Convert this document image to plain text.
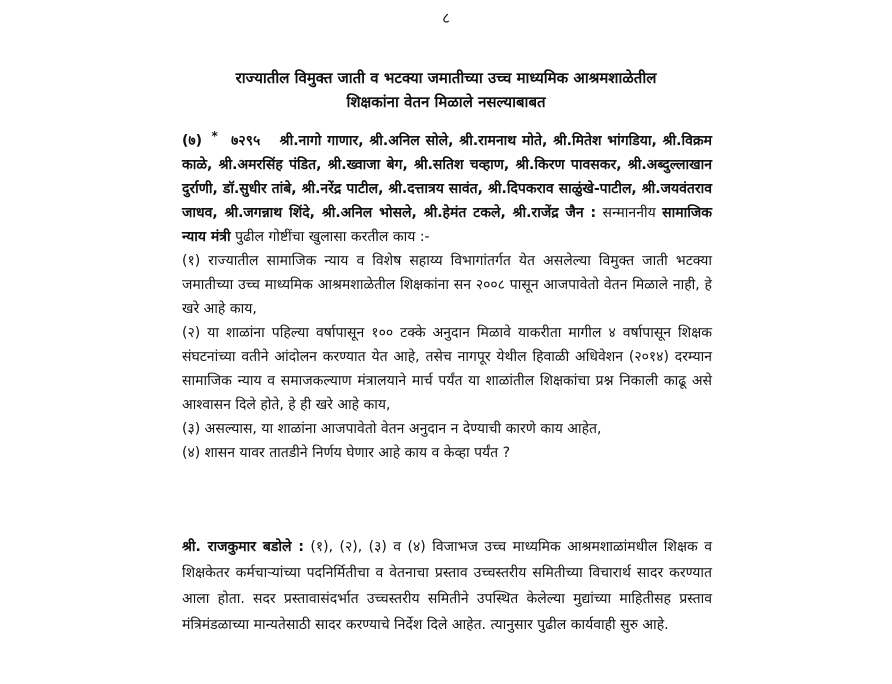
८
राज्यातील विमुक्त जाती व भटक्या जमातीच्या उच्च माध्यमिक आश्रमशाळेतील
शिक्षकांना वेतन मिळाले नसल्याबाबत

(७) * ७२९५ श्री.नागो गाणार, श्री.अनिल सोले, श्री.रामनाथ मोते, श्री.मितेश भांगडिया, श्री.विक्रम काळे, श्री.अमरसिंह पंडित, श्री.ख्वाजा बेग, श्री.सतिश चव्हाण, श्री.किरण पावसकर, श्री.अब्दुल्लाखान दुर्राणी, डॉ.सुधीर तांबे, श्री.नरेंद्र पाटील, श्री.दत्तात्रय सावंत, श्री.दिपकराव साळुंखे-पाटील, श्री.जयवंतराव जाधव, श्री.जगन्नाथ शिंदे, श्री.अनिल भोसले, श्री.हेमंत टकले, श्री.राजेंद्र जैन : सन्माननीय सामाजिक न्याय मंत्री पुढील गोष्टींचा खुलासा करतील काय :-

(१) राज्यातील सामाजिक न्याय व विशेष सहाय्य विभागांतर्गत येत असलेल्या विमुक्त जाती भटक्या जमातीच्या उच्च माध्यमिक आश्रमशाळेतील शिक्षकांना सन २००८ पासून आजपावेतो वेतन मिळाले नाही, हे खरे आहे काय,

(२) या शाळांना पहिल्या वर्षापासून १०० टक्के अनुदान मिळावे याकरीता मागील ४ वर्षापासून शिक्षक संघटनांच्या वतीने आंदोलन करण्यात येत आहे, तसेच नागपूर येथील हिवाळी अधिवेशन (२०१४) दरम्यान सामाजिक न्याय व समाजकल्याण मंत्रालयाने मार्च पर्यंत या शाळांतील शिक्षकांचा प्रश्न निकाली काढू असे आश्वासन दिले होते, हे ही खरे आहे काय,

(३) असल्यास, या शाळांना आजपावेतो वेतन अनुदान न देण्याची कारणे काय आहेत,

(४) शासन यावर तातडीने निर्णय घेणार आहे काय व केव्हा पर्यंत ?

श्री. राजकुमार बडोले : (१), (२), (३) व (४) विजाभज उच्च माध्यमिक आश्रमशाळांमधील शिक्षक व शिक्षकेतर कर्मचाऱ्यांच्या पदनिर्मितीचा व वेतनाचा प्रस्ताव उच्चस्तरीय समितीच्या विचारार्थ सादर करण्यात आला होता. सदर प्रस्तावासंदर्भात उच्चस्तरीय समितीने उपस्थित केलेल्या मुद्यांच्या माहितीसह प्रस्ताव मंत्रिमंडळाच्या मान्यतेसाठी सादर करण्याचे निर्देश दिले आहेत. त्यानुसार पुढील कार्यवाही सुरु आहे.
